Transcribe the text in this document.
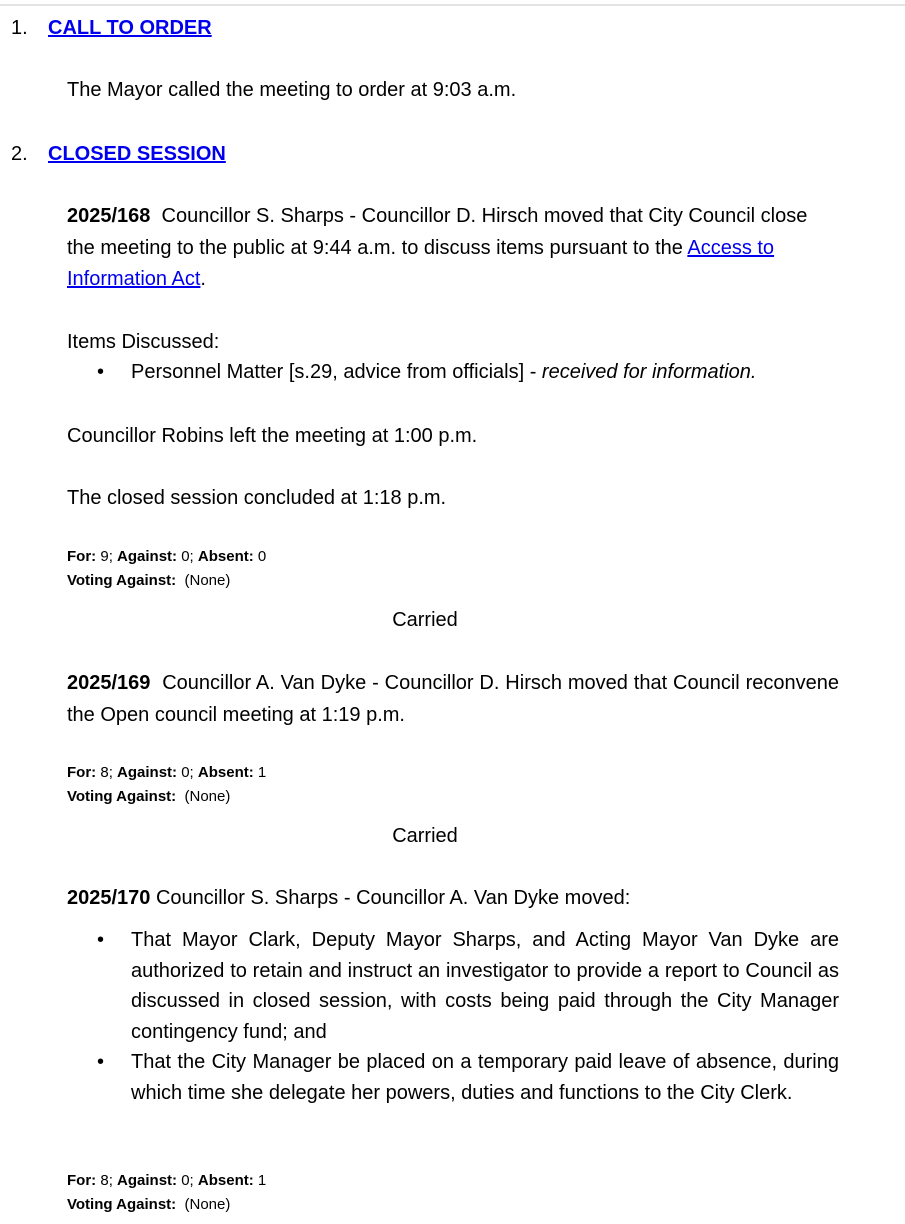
1. CALL TO ORDER
The Mayor called the meeting to order at 9:03 a.m.
2. CLOSED SESSION
2025/168 Councillor S. Sharps - Councillor D. Hirsch moved that City Council close the meeting to the public at 9:44 a.m. to discuss items pursuant to the Access to Information Act.
Items Discussed:
• Personnel Matter [s.29, advice from officials] - received for information.
Councillor Robins left the meeting at 1:00 p.m.
The closed session concluded at 1:18 p.m.
For: 9; Against: 0; Absent: 0
Voting Against: (None)
Carried
2025/169 Councillor A. Van Dyke - Councillor D. Hirsch moved that Council reconvene the Open council meeting at 1:19 p.m.
For: 8; Against: 0; Absent: 1
Voting Against: (None)
Carried
2025/170 Councillor S. Sharps - Councillor A. Van Dyke moved:
• That Mayor Clark, Deputy Mayor Sharps, and Acting Mayor Van Dyke are authorized to retain and instruct an investigator to provide a report to Council as discussed in closed session, with costs being paid through the City Manager contingency fund; and
• That the City Manager be placed on a temporary paid leave of absence, during which time she delegate her powers, duties and functions to the City Clerk.
For: 8; Against: 0; Absent: 1
Voting Against: (None)
